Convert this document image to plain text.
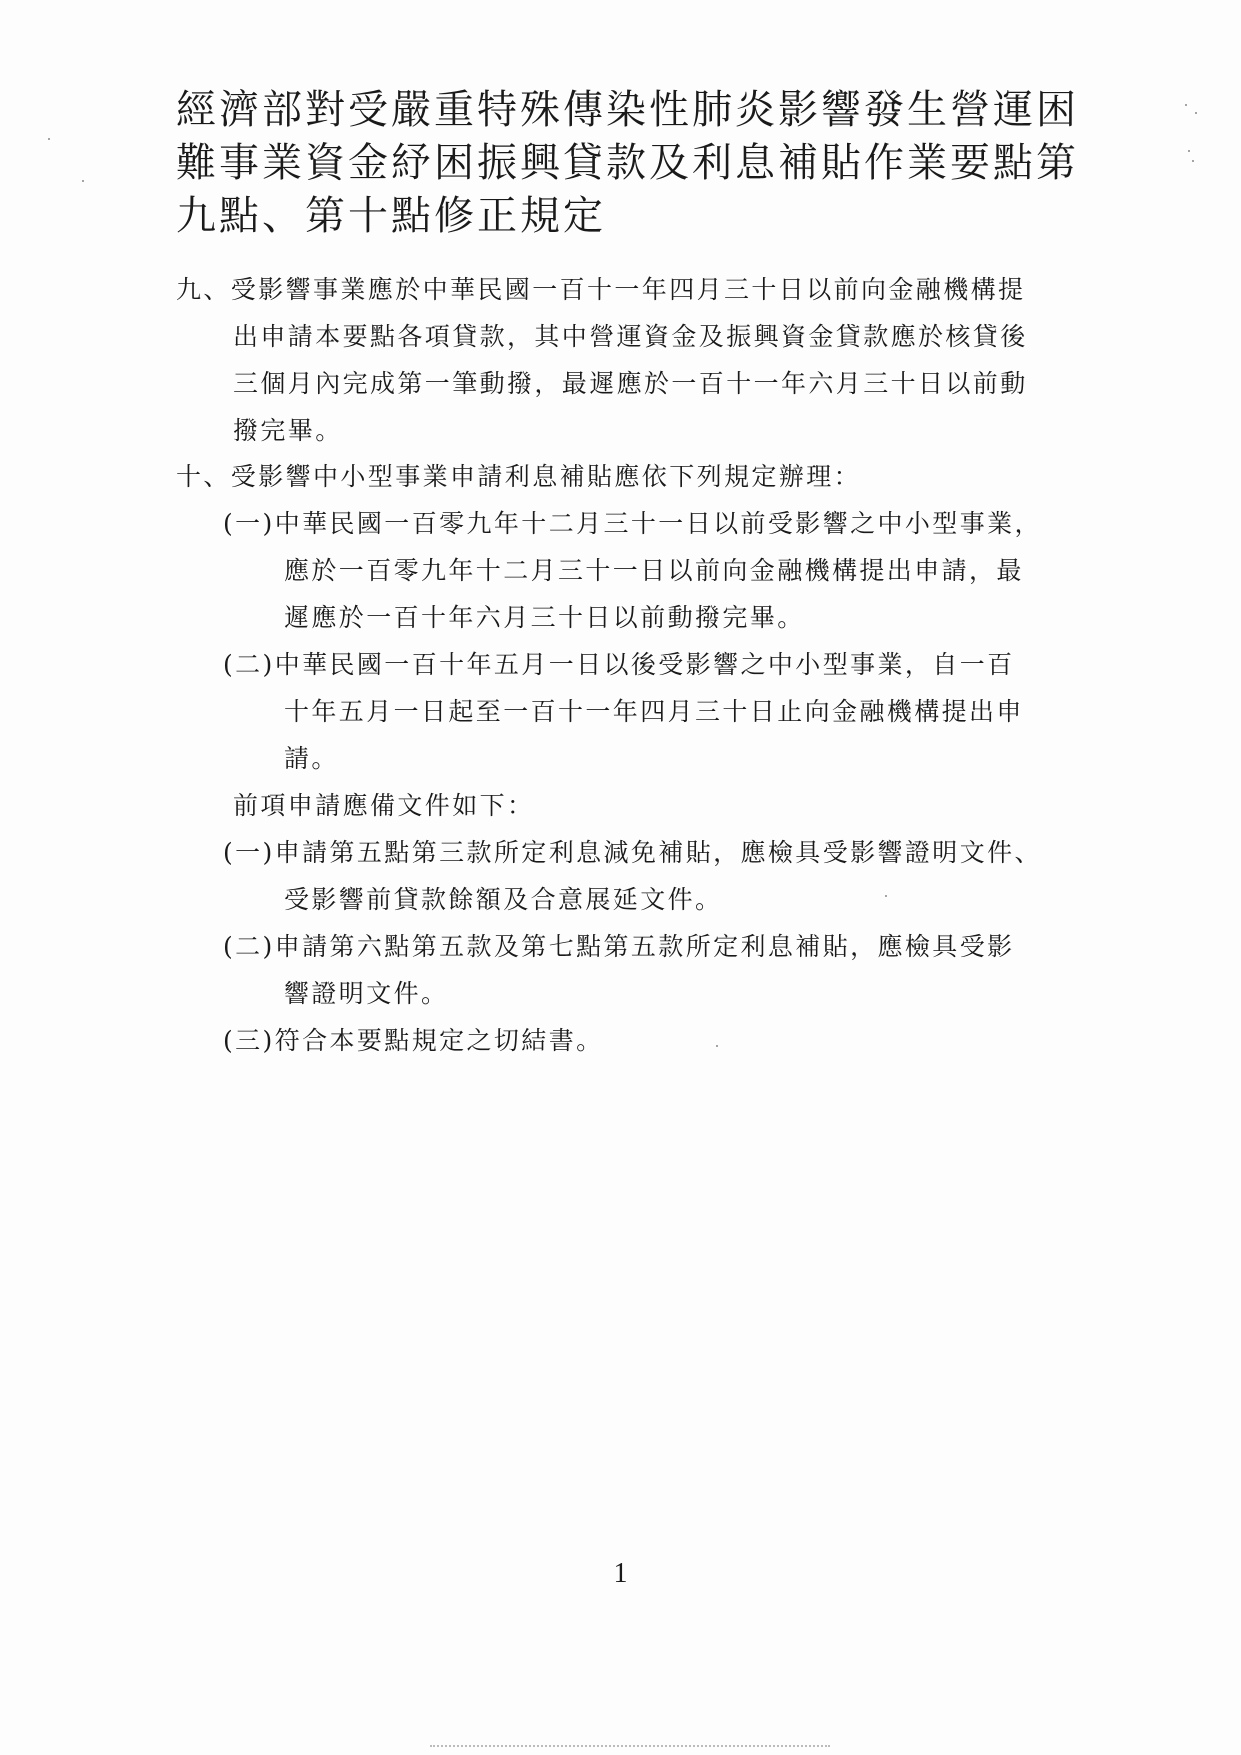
經濟部對受嚴重特殊傳染性肺炎影響發生營運困
難事業資金紓困振興貸款及利息補貼作業要點第
九點、第十點修正規定
九、受影響事業應於中華民國一百十一年四月三十日以前向金融機構提
出申請本要點各項貸款，其中營運資金及振興資金貸款應於核貸後
三個月內完成第一筆動撥，最遲應於一百十一年六月三十日以前動
撥完畢。
十、受影響中小型事業申請利息補貼應依下列規定辦理：
(一)中華民國一百零九年十二月三十一日以前受影響之中小型事業，
應於一百零九年十二月三十一日以前向金融機構提出申請，最
遲應於一百十年六月三十日以前動撥完畢。
(二)中華民國一百十年五月一日以後受影響之中小型事業，自一百
十年五月一日起至一百十一年四月三十日止向金融機構提出申
請。
前項申請應備文件如下：
(一)申請第五點第三款所定利息減免補貼，應檢具受影響證明文件、
受影響前貸款餘額及合意展延文件。
(二)申請第六點第五款及第七點第五款所定利息補貼，應檢具受影
響證明文件。
(三)符合本要點規定之切結書。
1
